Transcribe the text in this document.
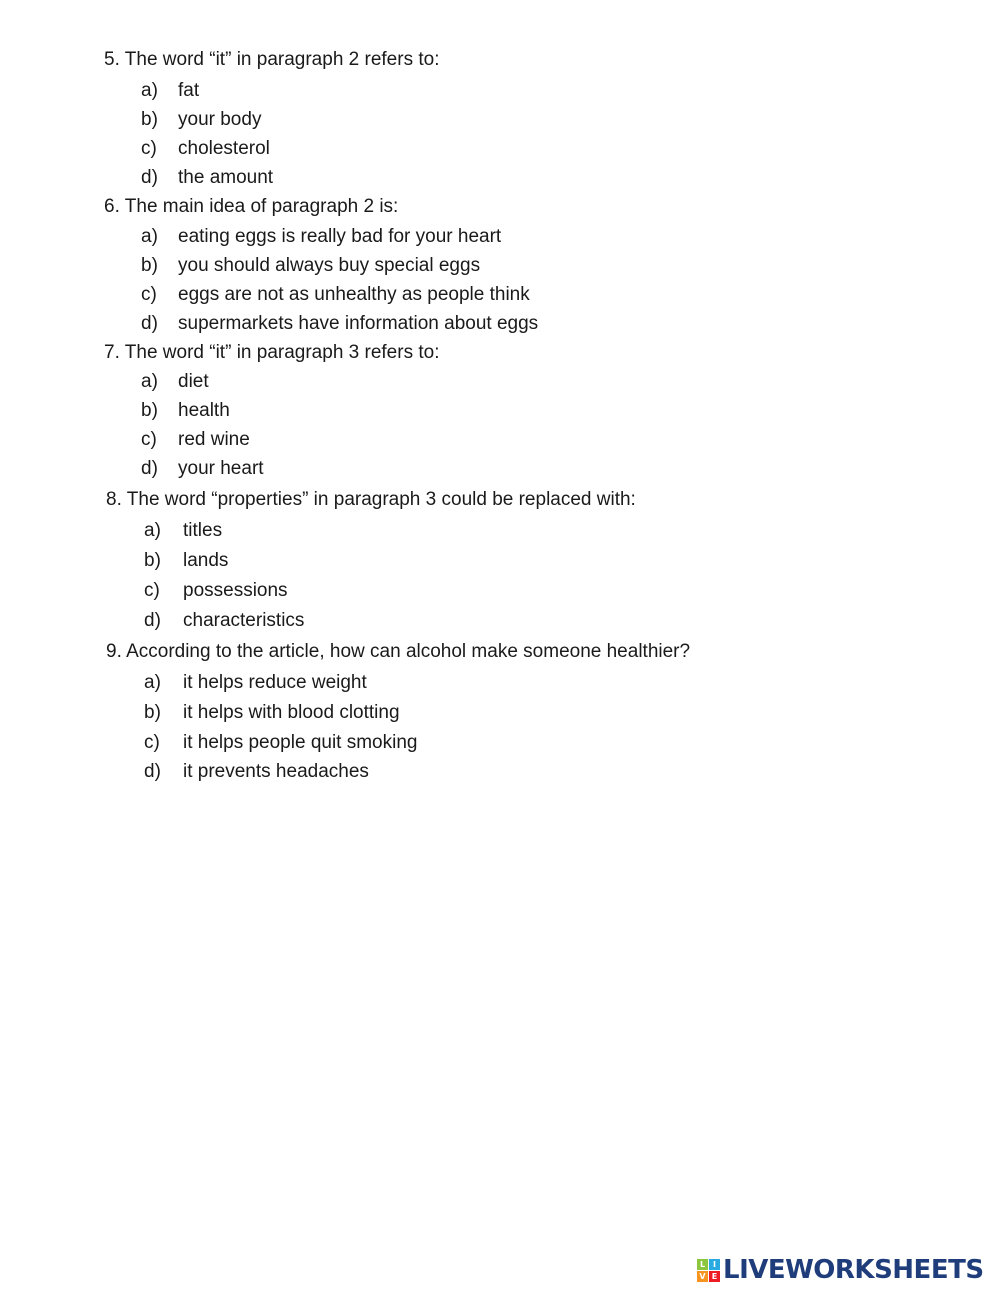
5. The word “it” in paragraph 2 refers to:
a) fat
b) your body
c) cholesterol
d) the amount
6. The main idea of paragraph 2 is:
a) eating eggs is really bad for your heart
b) you should always buy special eggs
c) eggs are not as unhealthy as people think
d) supermarkets have information about eggs
7. The word “it” in paragraph 3 refers to:
a) diet
b) health
c) red wine
d) your heart
8. The word “properties” in paragraph 3 could be replaced with:
a) titles
b) lands
c) possessions
d) characteristics
9. According to the article, how can alcohol make someone healthier?
a) it helps reduce weight
b) it helps with blood clotting
c) it helps people quit smoking
d) it prevents headaches
L I
V E LIVEWORKSHEETS
